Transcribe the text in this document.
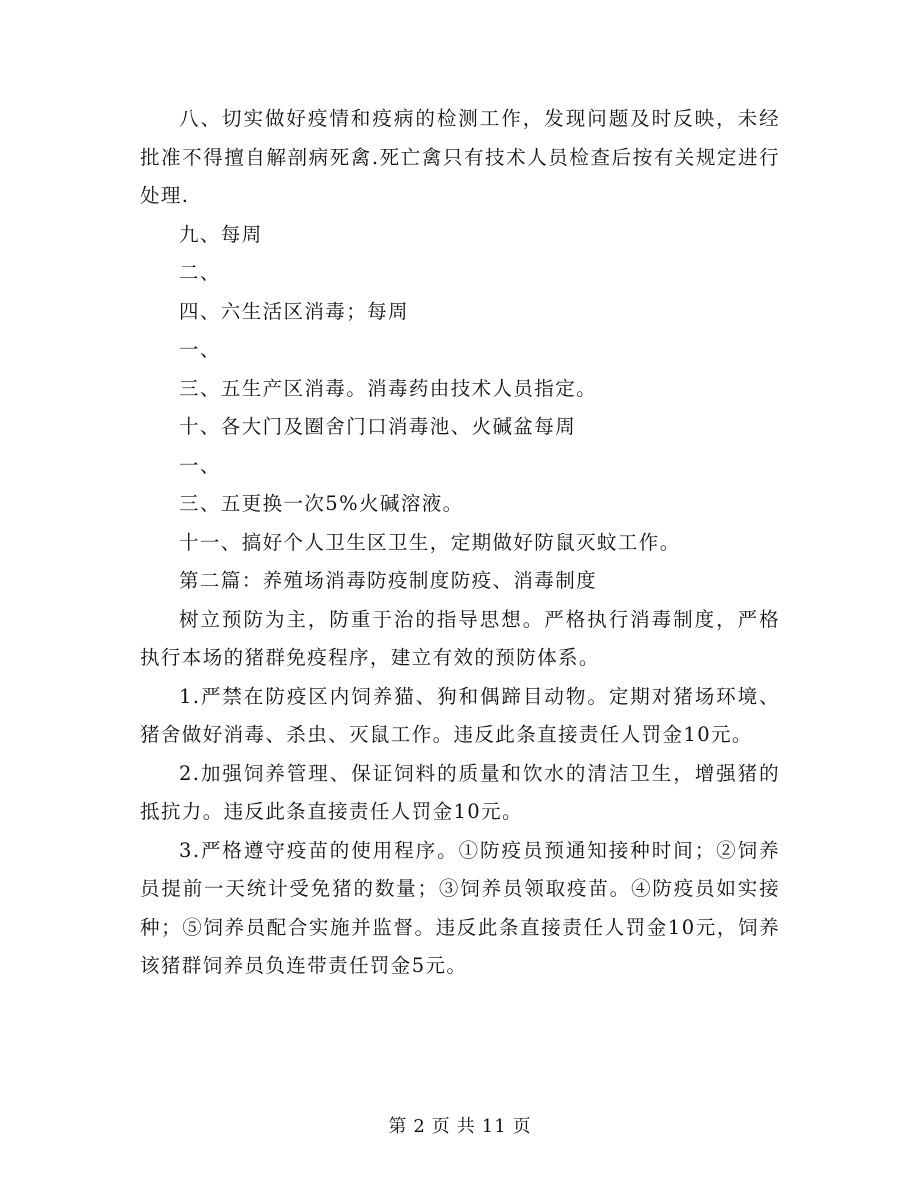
八、切实做好疫情和疫病的检测工作，发现问题及时反映，未经批准不得擅自解剖病死禽.死亡禽只有技术人员检查后按有关规定进行处理.

九、每周

二、

四、六生活区消毒；每周

一、

三、五生产区消毒。消毒药由技术人员指定。

十、各大门及圈舍门口消毒池、火碱盆每周

一、

三、五更换一次5%火碱溶液。

十一、搞好个人卫生区卫生，定期做好防鼠灭蚊工作。

第二篇：养殖场消毒防疫制度防疫、消毒制度

树立预防为主，防重于治的指导思想。严格执行消毒制度，严格执行本场的猪群免疫程序，建立有效的预防体系。

1.严禁在防疫区内饲养猫、狗和偶蹄目动物。定期对猪场环境、猪舍做好消毒、杀虫、灭鼠工作。违反此条直接责任人罚金10元。

2.加强饲养管理、保证饲料的质量和饮水的清洁卫生，增强猪的抵抗力。违反此条直接责任人罚金10元。

3.严格遵守疫苗的使用程序。①防疫员预通知接种时间；②饲养员提前一天统计受免猪的数量；③饲养员领取疫苗。④防疫员如实接种；⑤饲养员配合实施并监督。违反此条直接责任人罚金10元，饲养该猪群饲养员负连带责任罚金5元。

第 2 页 共 11 页
